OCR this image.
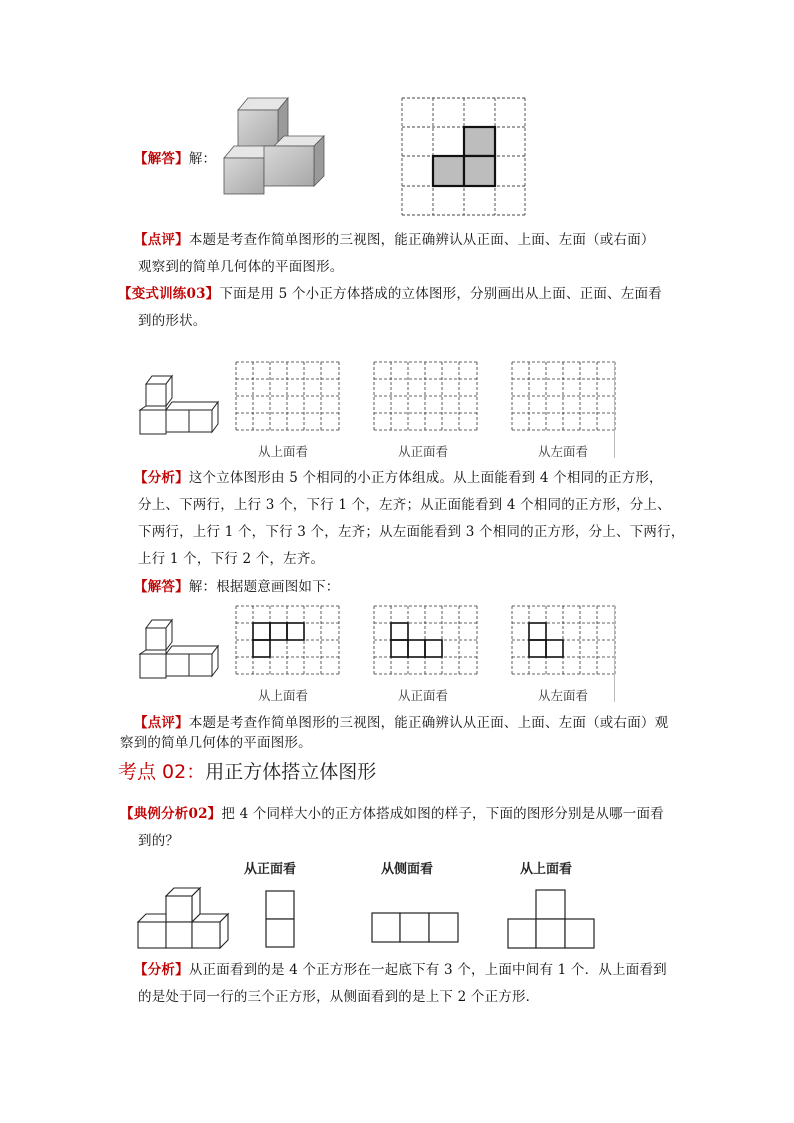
【解答】解：
【点评】本题是考查作简单图形的三视图，能正确辨认从正面、上面、左面（或右面）
观察到的简单几何体的平面图形。
【变式训练03】下面是用 5 个小正方体搭成的立体图形，分别画出从上面、正面、左面看
到的形状。
从上面看	从正面看	从左面看
【分析】这个立体图形由 5 个相同的小正方体组成。从上面能看到 4 个相同的正方形，
分上、下两行，上行 3 个，下行 1 个，左齐；从正面能看到 4 个相同的正方形，分上、
下两行，上行 1 个，下行 3 个，左齐；从左面能看到 3 个相同的正方形，分上、下两行，
上行 1 个，下行 2 个，左齐。
【解答】解：根据题意画图如下：
从上面看	从正面看	从左面看
【点评】本题是考查作简单图形的三视图，能正确辨认从正面、上面、左面（或右面）观
察到的简单几何体的平面图形。
考点 02：用正方体搭立体图形
【典例分析02】把 4 个同样大小的正方体搭成如图的样子，下面的图形分别是从哪一面看
到的？
从正面看	从侧面看	从上面看
【分析】从正面看到的是 4 个正方形在一起底下有 3 个，上面中间有 1 个．从上面看到
的是处于同一行的三个正方形，从侧面看到的是上下 2 个正方形．
